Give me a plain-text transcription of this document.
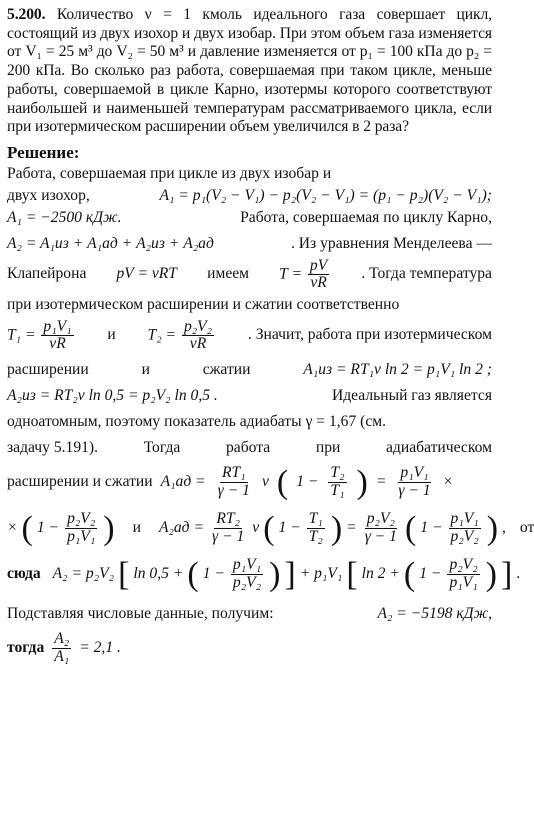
5.200. Количество ν = 1 кмоль идеального газа совершает цикл, состоящий из двух изохор и двух изобар. При этом объем газа изменяется от V₁ = 25 м³ до V₂ = 50 м³ и давление изменяется от p₁ = 100 кПа до p₂ = 200 кПа. Во сколько раз работа, совершаемая при таком цикле, меньше работы, совершаемой в цикле Карно, изотермы которого соответствуют наибольшей и наименьшей температурам рассматриваемого цикла, если при изотермическом расширении объем увеличился в 2 раза?
Решение:
Работа, совершаемая при цикле из двух изобар и
двух изохор,	A₁ = p₁(V₂ − V₁) − p₂(V₂ − V₁) = (p₁ − p₂)(V₂ − V₁);
A₁ = −2500 кДж.	Работа, совершаемая по циклу Карно,
A₂ = A₁из + A₁ад + A₂из + A₂ад	. Из уравнения Менделеева —
Клапейрона pV = νRT имеем $T = \frac{pV}{\nu R}$ . Тогда температура
при изотермическом расширении и сжатии соответственно
$T_1 = \frac{\text{p₁V₁}}{\nu R}$ и $T_2 = \frac{\text{p₂V₂}}{\nu R}$ . Значит, работа при изотермическом
расширении	и	сжатии	A₁из = RT₁ν ln 2 = p₁V₁ ln 2 ;
A₂из = RT₂ν ln 0,5 = p₂V₂ ln 0,5 .	Идеальный газ является
одноатомным, поэтому показатель адиабаты γ = 1,67 (см.
задачу 5.191).	Тогда	работа	при	адиабатическом
расширении и сжатии $A_1ад = \frac{\text{RT₁}}{\gamma - 1}$ ν ( $1 - \frac{\text{T₂}}{\text{T₁}}$ ) = $\frac{\text{p₁V₁}}{\gamma - 1}$ ×
× ( $1 - \frac{\text{p₂V₂}}{\text{p₁V₁}}$ ) и $A_2ад = \frac{\text{RT₂}}{\gamma - 1}$ ν ( $1 - \frac{\text{T₁}}{\text{T₂}}$ ) = $\frac{\text{p₂V₂}}{\gamma - 1}$ ( $1 - \frac{\text{p₁V₁}}{\text{p₂V₂}}$ ) , от
сюда A₂ = p₂V₂ [ ln 0,5 + ( $1 - \frac{\text{p₁V₁}}{\text{p₂V₂}}$ ) ] + p₁V₁ [ ln 2 + ( $1 - \frac{\text{p₂V₂}}{\text{p₁V₁}}$ ) ] .
Подставляя числовые данные, получим:	A₂ = −5198 кДж,
тогда $\frac{\text{A₂}}{\text{A₁}} = 2,1$ .
